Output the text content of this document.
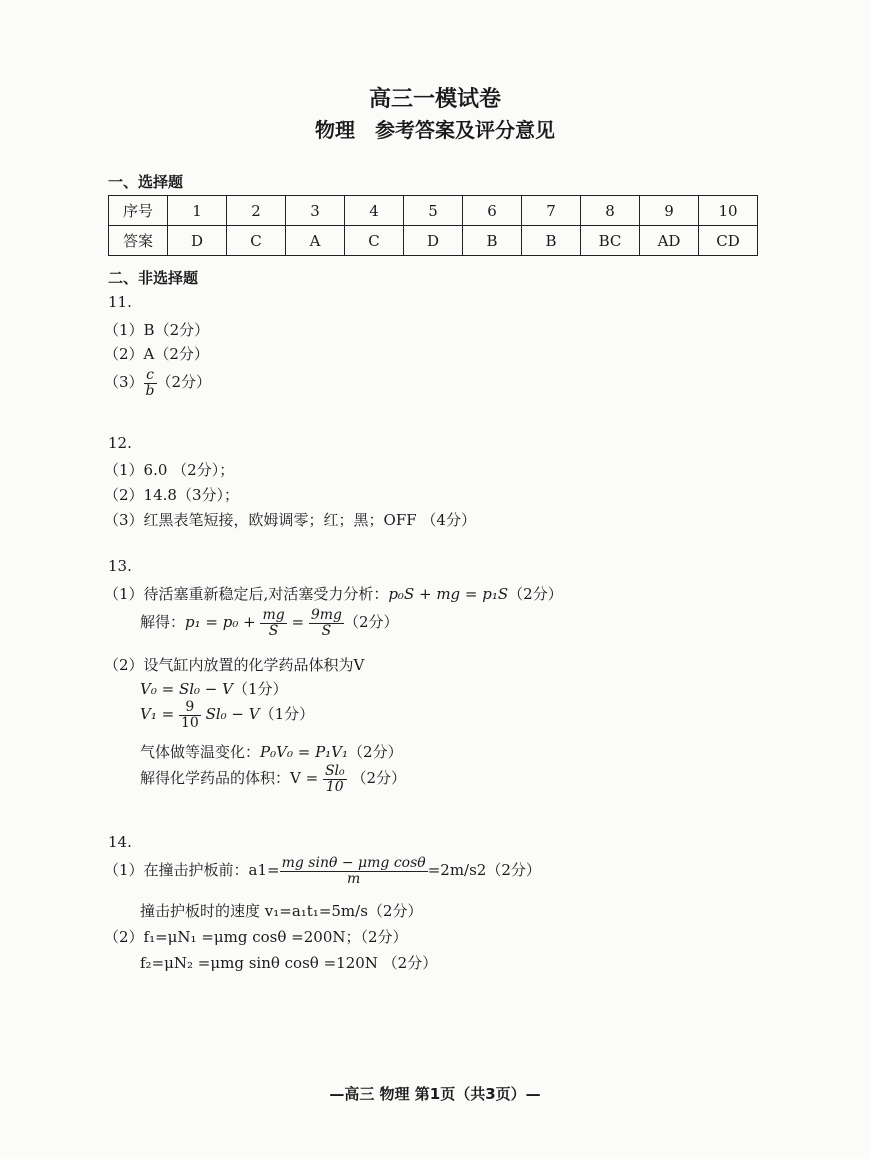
高三一模试卷
物理　参考答案及评分意见
一、选择题
序号	1	2	3	4	5	6	7	8	9	10
答案	D	C	A	C	D	B	B	BC	AD	CD
二、非选择题
11.
（1）B（2分）
（2）A（2分）
$(3) \frac{c}{b} (2$分）
12.
（1）6.0 （2分）；
（2）14.8（3分）；
（3）红黑表笔短接，欧姆调零；红；黑；OFF （4分）
13.
（1）待活塞重新稳定后,对活塞受力分析：p₀S + mg = p₁S（2分）
解得：$p_1 = p_0 + \frac{mg}{S} = \frac{9mg}{S} (2$分）
（2）设气缸内放置的化学药品体积为V
V₀ = Sl₀ − V（1分）
$V_1 = \frac{9}{10} Sl_0 - V(1$分）
气体做等温变化：P₀V₀ = P₁V₁（2分）
解得化学药品的体积：$V = \frac{\text{Sl₀}}{10} (2$分）
14.
（1）在撞击护板前：$a1= \frac{\text{mg sinθ − μmg cosθ}}{m} =2m/s2(2$分）
撞击护板时的速度 v₁=a₁t₁=5m/s（2分）
（2）f₁=μN₁ =μmg cosθ =200N；（2分）
f₂=μN₂ =μmg sinθ cosθ =120N （2分）
—高三 物理 第1页（共3页）—
